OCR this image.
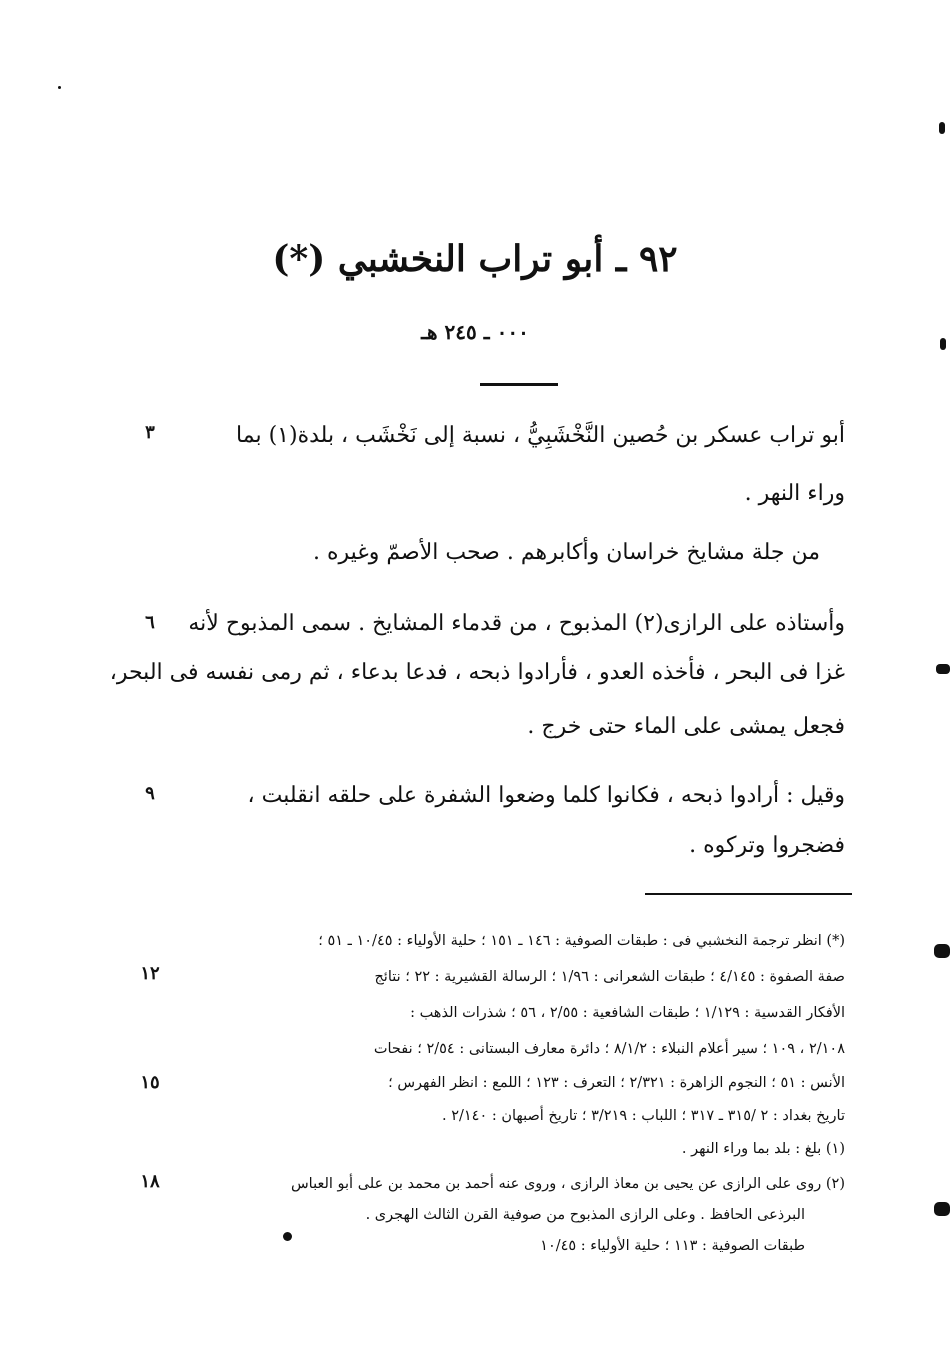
٩٢ ـ أبو تراب النخشبي (*)
٠٠٠ ـ ٢٤٥ هـ
أبو تراب عسكر بن حُصين النَّخْشَبِيُّ ، نسبة إلى نَخْشَب ، بلدة(١) بما
وراء النهر .
من جلة مشايخ خراسان وأكابرهم . صحب الأصمّ وغيره .
وأستاذه على الرازى(٢) المذبوح ، من قدماء المشايخ . سمى المذبوح لأنه
غزا فى البحر ، فأخذه العدو ، فأرادوا ذبحه ، فدعا بدعاء ، ثم رمى نفسه فى البحر،
فجعل يمشى على الماء حتى خرج .
وقيل : أرادوا ذبحه ، فكانوا كلما وضعوا الشفرة على حلقه انقلبت ،
فضجروا وتركوه .
(*) انظر ترجمة النخشبي فى : طبقات الصوفية : ١٤٦ ـ ١٥١ ؛ حلية الأولياء : ١٠/٤٥ ـ ٥١ ؛
صفة الصفوة : ٤/١٤٥ ؛ طبقات الشعرانى : ١/٩٦ ؛ الرسالة القشيرية : ٢٢ ؛ نتائج
الأفكار القدسية : ١/١٢٩ ؛ طبقات الشافعية : ٢/٥٥ ، ٥٦ ؛ شذرات الذهب :
٢/١٠٨ ، ١٠٩ ؛ سير أعلام النبلاء : ٨/١/٢ ؛ دائرة معارف البستانى : ٢/٥٤ ؛ نفحات
الأنس : ٥١ ؛ النجوم الزاهرة : ٢/٣٢١ ؛ التعرف : ١٢٣ ؛ اللمع : انظر الفهرس ؛
تاريخ بغداد : ٢ /٣١٥ ـ ٣١٧ ؛ اللباب : ٣/٢١٩ ؛ تاريخ أصبهان : ٢/١٤٠ .
(١) بلغ : بلد بما وراء النهر .
(٢) روى على الرازى عن يحيى بن معاذ الرازى ، وروى عنه أحمد بن محمد بن على أبو العباس
البرذعى الحافظ . وعلى الرازى المذبوح من صوفية القرن الثالث الهجرى .
طبقات الصوفية : ١١٣ ؛ حلية الأولياء : ١٠/٤٥
٣
٦
٩
١٢
١٥
١٨
